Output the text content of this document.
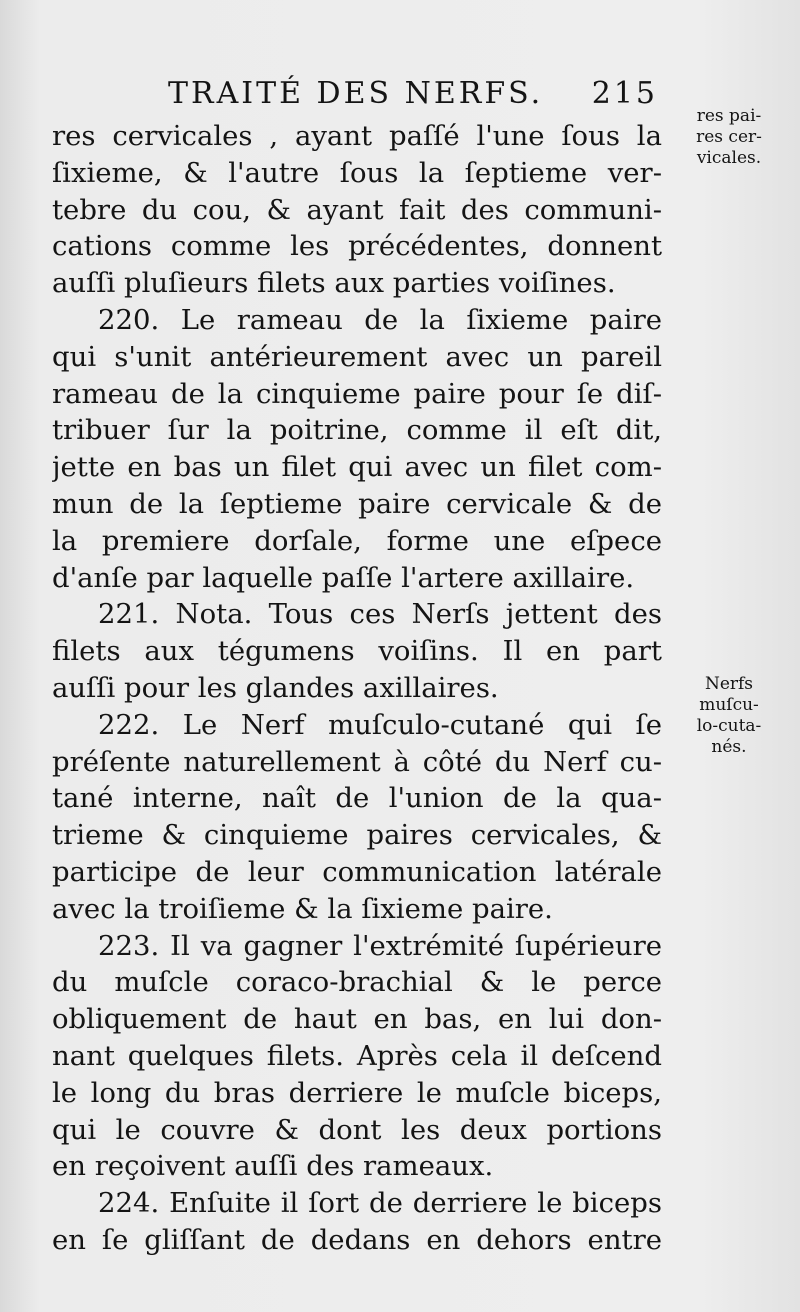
TRAITÉ DES NERFS. 215
res pai-
res cer-
vicales.
Nerfs
muſcu-
lo-cuta-
nés.
res cervicales , ayant paſſé l'une ſous la
ſixieme, & l'autre ſous la ſeptieme ver-
tebre du cou, & ayant fait des communi-
cations comme les précédentes, donnent
auſſi pluſieurs filets aux parties voiſines.
220. Le rameau de la ſixieme paire
qui s'unit antérieurement avec un pareil
rameau de la cinquieme paire pour ſe diſ-
tribuer ſur la poitrine, comme il eſt dit,
jette en bas un filet qui avec un filet com-
mun de la ſeptieme paire cervicale & de
la premiere dorſale, forme une eſpece
d'anſe par laquelle paſſe l'artere axillaire.
221. Nota. Tous ces Nerſs jettent des
filets aux tégumens voiſins. Il en part
auſſi pour les glandes axillaires.
222. Le Nerf muſculo-cutané qui ſe
préſente naturellement à côté du Nerf cu-
tané interne, naît de l'union de la qua-
trieme & cinquieme paires cervicales, &
participe de leur communication latérale
avec la troiſieme & la ſixieme paire.
223. Il va gagner l'extrémité ſupérieure
du muſcle coraco-brachial & le perce
obliquement de haut en bas, en lui don-
nant quelques filets. Après cela il deſcend
le long du bras derriere le muſcle biceps,
qui le couvre & dont les deux portions
en reçoivent auſſi des rameaux.
224. Enſuite il ſort de derriere le biceps
en ſe gliſſant de dedans en dehors entre
